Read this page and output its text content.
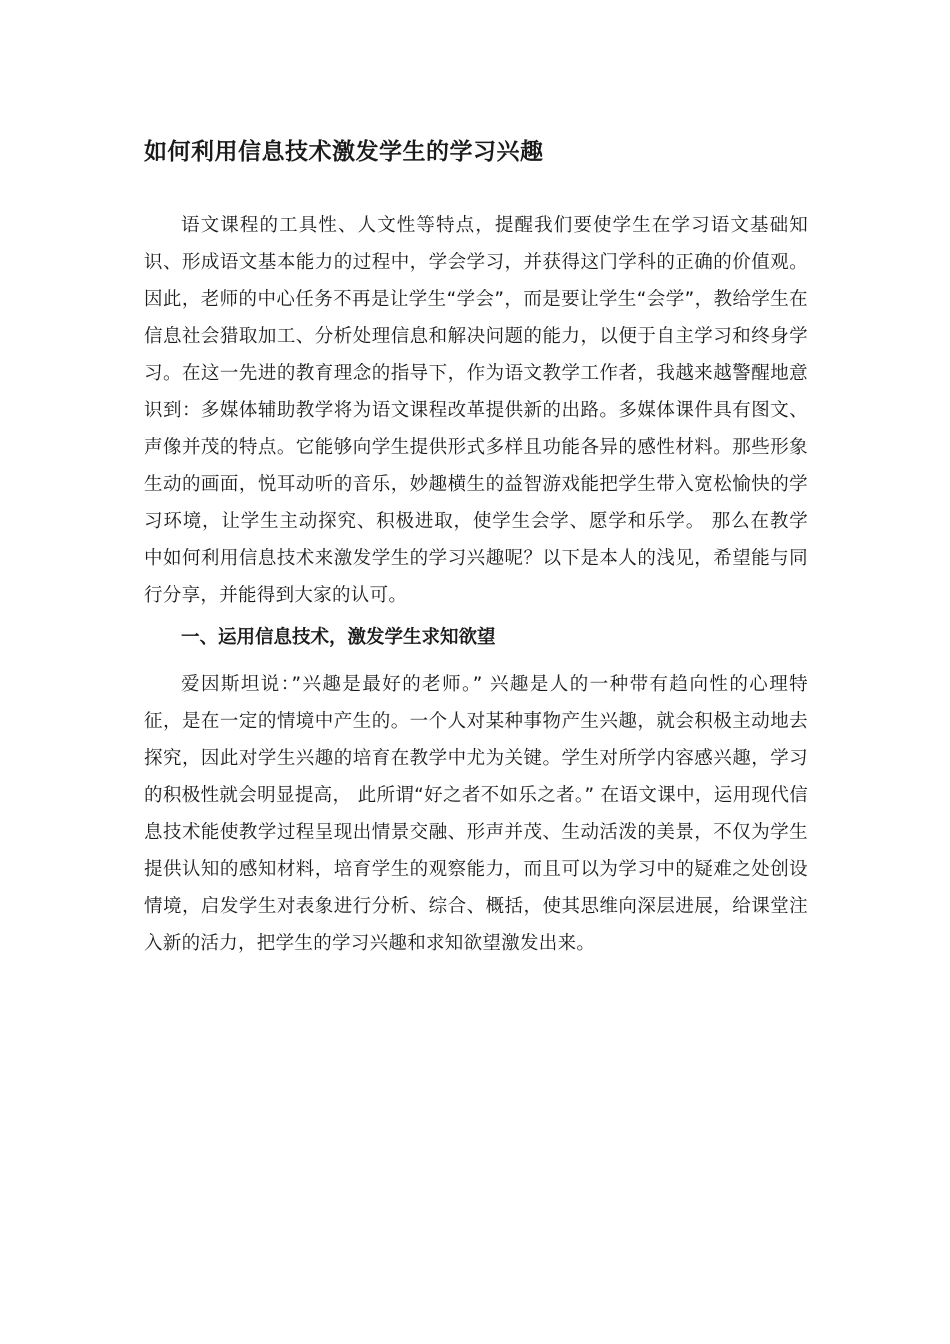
如何利用信息技术激发学生的学习兴趣

语文课程的工具性、人文性等特点，提醒我们要使学生在学习语文基础知识、形成语文基本能力的过程中，学会学习，并获得这门学科的正确的价值观。因此，老师的中心任务不再是让学生“学会”，而是要让学生“会学”，教给学生在信息社会猎取加工、分析处理信息和解决问题的能力，以便于自主学习和终身学习。在这一先进的教育理念的指导下，作为语文教学工作者，我越来越警醒地意识到：多媒体辅助教学将为语文课程改革提供新的出路。多媒体课件具有图文、声像并茂的特点。它能够向学生提供形式多样且功能各异的感性材料。那些形象生动的画面，悦耳动听的音乐，妙趣横生的益智游戏能把学生带入宽松愉快的学习环境，让学生主动探究、积极进取，使学生会学、愿学和乐学。 那么在教学中如何利用信息技术来激发学生的学习兴趣呢？以下是本人的浅见，希望能与同行分享，并能得到大家的认可。

一、运用信息技术，激发学生求知欲望

爱因斯坦说：”兴趣是最好的老师。” 兴趣是人的一种带有趋向性的心理特征，是在一定的情境中产生的。一个人对某种事物产生兴趣，就会积极主动地去探究，因此对学生兴趣的培育在教学中尤为关键。学生对所学内容感兴趣，学习的积极性就会明显提高， 此所谓“好之者不如乐之者。” 在语文课中，运用现代信息技术能使教学过程呈现出情景交融、形声并茂、生动活泼的美景，不仅为学生提供认知的感知材料，培育学生的观察能力，而且可以为学习中的疑难之处创设情境，启发学生对表象进行分析、综合、概括，使其思维向深层进展，给课堂注入新的活力，把学生的学习兴趣和求知欲望激发出来。
